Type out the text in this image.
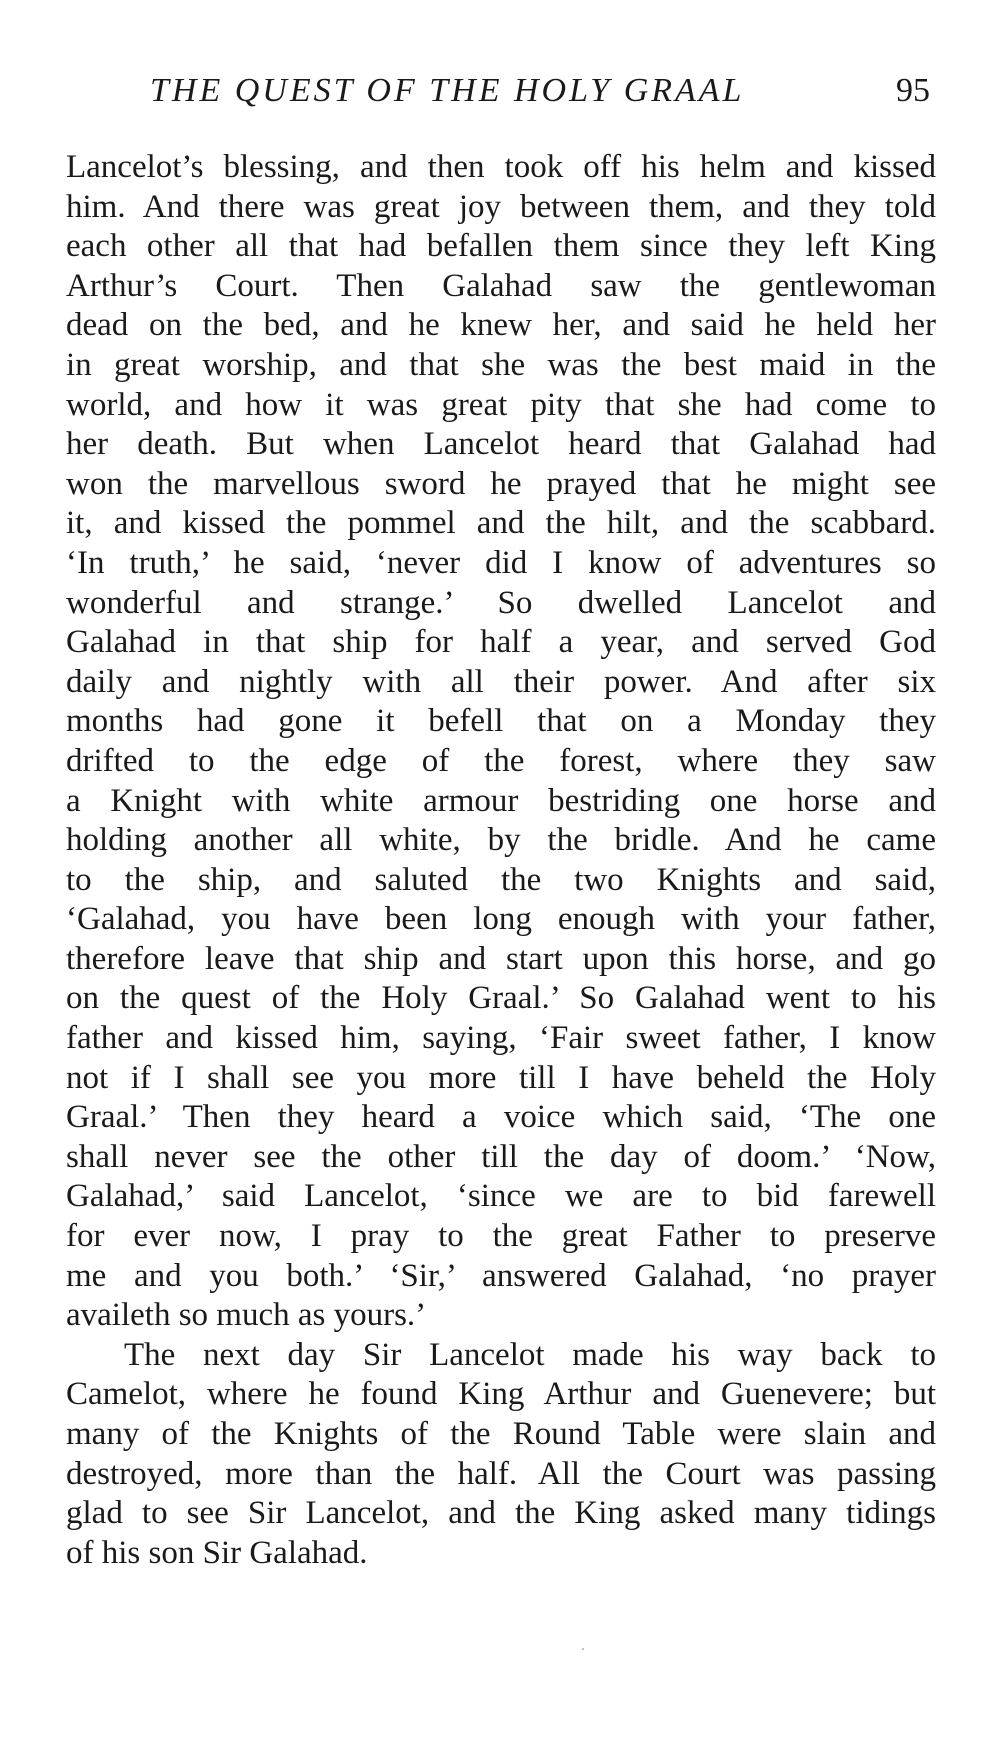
THE QUEST OF THE HOLY GRAAL	95
Lancelot’s blessing, and then took off his helm and kissed
him. And there was great joy between them, and they told
each other all that had befallen them since they left King
Arthur’s Court. Then Galahad saw the gentlewoman
dead on the bed, and he knew her, and said he held her
in great worship, and that she was the best maid in the
world, and how it was great pity that she had come to
her death. But when Lancelot heard that Galahad had
won the marvellous sword he prayed that he might see
it, and kissed the pommel and the hilt, and the scabbard.
‘In truth,’ he said, ‘never did I know of adventures so
wonderful and strange.’ So dwelled Lancelot and
Galahad in that ship for half a year, and served God
daily and nightly with all their power. And after six
months had gone it befell that on a Monday they
drifted to the edge of the forest, where they saw
a Knight with white armour bestriding one horse and
holding another all white, by the bridle. And he came
to the ship, and saluted the two Knights and said,
‘Galahad, you have been long enough with your father,
therefore leave that ship and start upon this horse, and go
on the quest of the Holy Graal.’ So Galahad went to his
father and kissed him, saying, ‘Fair sweet father, I know
not if I shall see you more till I have beheld the Holy
Graal.’ Then they heard a voice which said, ‘The one
shall never see the other till the day of doom.’ ‘Now,
Galahad,’ said Lancelot, ‘since we are to bid farewell
for ever now, I pray to the great Father to preserve
me and you both.’ ‘Sir,’ answered Galahad, ‘no prayer
availeth so much as yours.’
The next day Sir Lancelot made his way back to
Camelot, where he found King Arthur and Guenevere; but
many of the Knights of the Round Table were slain and
destroyed, more than the half. All the Court was passing
glad to see Sir Lancelot, and the King asked many tidings
of his son Sir Galahad.
